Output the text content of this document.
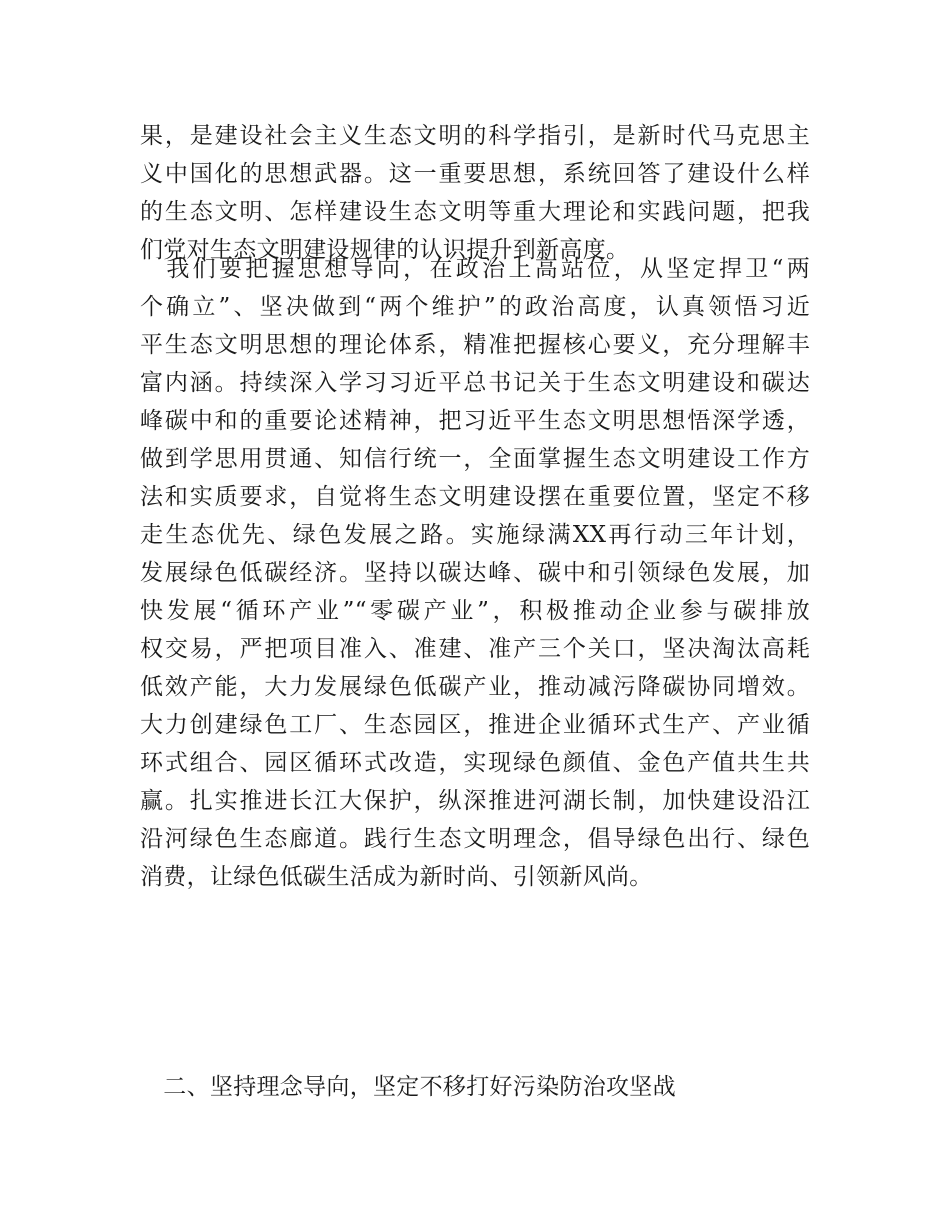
果，是建设社会主义生态文明的科学指引，是新时代马克思主
义中国化的思想武器。这一重要思想，系统回答了建设什么样
的生态文明、怎样建设生态文明等重大理论和实践问题，把我
们党对生态文明建设规律的认识提升到新高度。
　我们要把握思想导向，在政治上高站位，从坚定捍卫“两
个确立”、坚决做到“两个维护”的政治高度，认真领悟习近
平生态文明思想的理论体系，精准把握核心要义，充分理解丰
富内涵。持续深入学习习近平总书记关于生态文明建设和碳达
峰碳中和的重要论述精神，把习近平生态文明思想悟深学透，
做到学思用贯通、知信行统一，全面掌握生态文明建设工作方
法和实质要求，自觉将生态文明建设摆在重要位置，坚定不移
走生态优先、绿色发展之路。实施绿满XX再行动三年计划，
发展绿色低碳经济。坚持以碳达峰、碳中和引领绿色发展，加
快发展“循环产业”“零碳产业”，积极推动企业参与碳排放
权交易，严把项目准入、准建、准产三个关口，坚决淘汰高耗
低效产能，大力发展绿色低碳产业，推动减污降碳协同增效。
大力创建绿色工厂、生态园区，推进企业循环式生产、产业循
环式组合、园区循环式改造，实现绿色颜值、金色产值共生共
赢。扎实推进长江大保护，纵深推进河湖长制，加快建设沿江
沿河绿色生态廊道。践行生态文明理念，倡导绿色出行、绿色
消费，让绿色低碳生活成为新时尚、引领新风尚。
　二、坚持理念导向，坚定不移打好污染防治攻坚战
